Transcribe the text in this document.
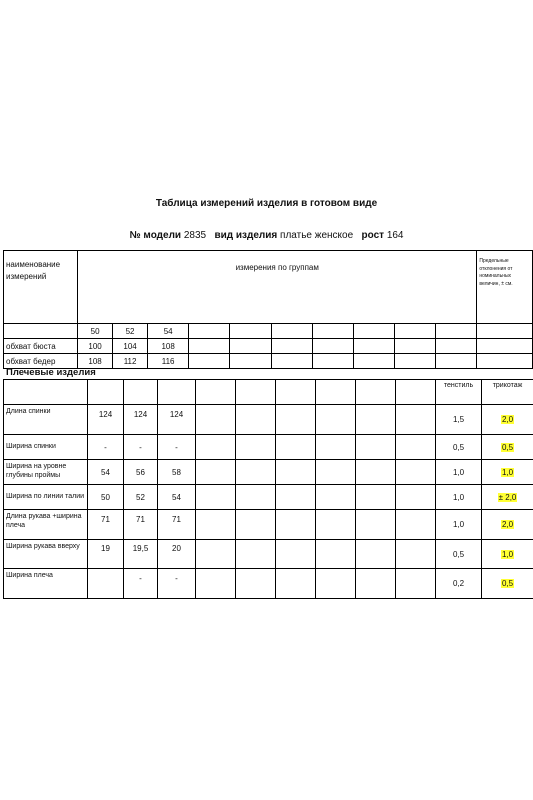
Таблица измерений изделия в готовом виде
№ модели 2835 вид изделия платье женское рост 164
наименование измерений	измерения по группам										Предельные отклонения от номинальных величин, ± см.
	50	52	54								
обхват бюста	100	104	108								
обхват бедер	108	112	116								
Плечевые изделия
										тенстиль	трикотаж
Длина спинки	124	124	124							1,5	2,0
Ширина спинки	-	-	-							0,5	0,5
Ширина на уровне глубины проймы	54	56	58							1,0	1,0
Ширина по линии талии	50	52	54							1,0	± 2,0
Длина рукава +ширина плеча	71	71	71							1,0	2,0
Ширина рукава вверху	19	19,5	20							0,5	1,0
Ширина плеча		-	-							0,2	0,5
